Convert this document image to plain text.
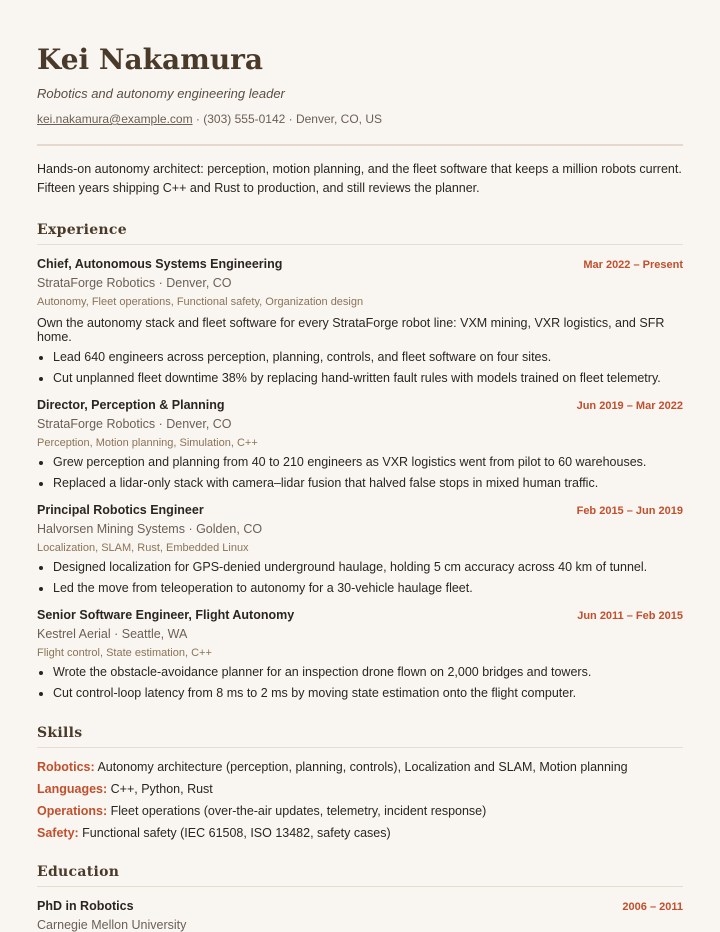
Kei Nakamura
Robotics and autonomy engineering leader
kei.nakamura@example.com · (303) 555-0142 · Denver, CO, US
Hands-on autonomy architect: perception, motion planning, and the fleet software that keeps a million robots current. Fifteen years shipping C++ and Rust to production, and still reviews the planner.
Experience
Chief, Autonomous Systems Engineering	Mar 2022 – Present
StrataForge Robotics · Denver, CO
Autonomy, Fleet operations, Functional safety, Organization design
Own the autonomy stack and fleet software for every StrataForge robot line: VXM mining, VXR logistics, and SFR home.
• Lead 640 engineers across perception, planning, controls, and fleet software on four sites.
• Cut unplanned fleet downtime 38% by replacing hand-written fault rules with models trained on fleet telemetry.
Director, Perception & Planning	Jun 2019 – Mar 2022
StrataForge Robotics · Denver, CO
Perception, Motion planning, Simulation, C++
• Grew perception and planning from 40 to 210 engineers as VXR logistics went from pilot to 60 warehouses.
• Replaced a lidar-only stack with camera–lidar fusion that halved false stops in mixed human traffic.
Principal Robotics Engineer	Feb 2015 – Jun 2019
Halvorsen Mining Systems · Golden, CO
Localization, SLAM, Rust, Embedded Linux
• Designed localization for GPS-denied underground haulage, holding 5 cm accuracy across 40 km of tunnel.
• Led the move from teleoperation to autonomy for a 30-vehicle haulage fleet.
Senior Software Engineer, Flight Autonomy	Jun 2011 – Feb 2015
Kestrel Aerial · Seattle, WA
Flight control, State estimation, C++
• Wrote the obstacle-avoidance planner for an inspection drone flown on 2,000 bridges and towers.
• Cut control-loop latency from 8 ms to 2 ms by moving state estimation onto the flight computer.
Skills
Robotics: Autonomy architecture (perception, planning, controls), Localization and SLAM, Motion planning
Languages: C++, Python, Rust
Operations: Fleet operations (over-the-air updates, telemetry, incident response)
Safety: Functional safety (IEC 61508, ISO 13482, safety cases)
Education
PhD in Robotics	2006 – 2011
Carnegie Mellon University
